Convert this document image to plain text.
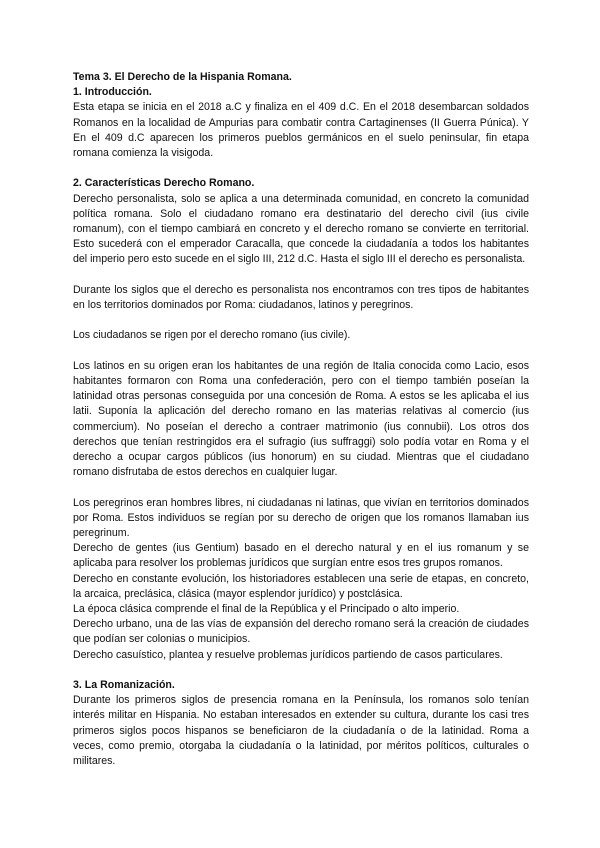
Tema 3. El Derecho de la Hispania Romana.

1. Introducción.

Esta etapa se inicia en el 2018 a.C y finaliza en el 409 d.C. En el 2018 desembarcan soldados Romanos en la localidad de Ampurias para combatir contra Cartaginenses (II Guerra Púnica). Y En el 409 d.C aparecen los primeros pueblos germánicos en el suelo peninsular, fin etapa romana comienza la visigoda.

2. Características Derecho Romano.

Derecho personalista, solo se aplica a una determinada comunidad, en concreto la comunidad política romana. Solo el ciudadano romano era destinatario del derecho civil (ius civile romanum), con el tiempo cambiará en concreto y el derecho romano se convierte en territorial. Esto sucederá con el emperador Caracalla, que concede la ciudadanía a todos los habitantes del imperio pero esto sucede en el siglo III, 212 d.C. Hasta el siglo III el derecho es personalista.

Durante los siglos que el derecho es personalista nos encontramos con tres tipos de habitantes en los territorios dominados por Roma: ciudadanos, latinos y peregrinos.

Los ciudadanos se rigen por el derecho romano (ius civile).

Los latinos en su origen eran los habitantes de una región de Italia conocida como Lacio, esos habitantes formaron con Roma una confederación, pero con el tiempo también poseían la latinidad otras personas conseguida por una concesión de Roma. A estos se les aplicaba el ius latii. Suponía la aplicación del derecho romano en las materias relativas al comercio (ius commercium). No poseían el derecho a contraer matrimonio (ius connubii). Los otros dos derechos que tenían restringidos era el sufragio (ius suffraggi) solo podía votar en Roma y el derecho a ocupar cargos públicos (ius honorum) en su ciudad. Mientras que el ciudadano romano disfrutaba de estos derechos en cualquier lugar.

Los peregrinos eran hombres libres, ni ciudadanas ni latinas, que vivían en territorios dominados por Roma. Estos individuos se regían por su derecho de origen que los romanos llamaban ius peregrinum.

Derecho de gentes (ius Gentium) basado en el derecho natural y en el ius romanum y se aplicaba para resolver los problemas jurídicos que surgían entre esos tres grupos romanos.

Derecho en constante evolución, los historiadores establecen una serie de etapas, en concreto, la arcaica, preclásica, clásica (mayor esplendor jurídico) y postclásica.

La época clásica comprende el final de la República y el Principado o alto imperio.

Derecho urbano, una de las vías de expansión del derecho romano será la creación de ciudades que podían ser colonias o municipios.

Derecho casuístico, plantea y resuelve problemas jurídicos partiendo de casos particulares.

3. La Romanización.

Durante los primeros siglos de presencia romana en la Península, los romanos solo tenían interés militar en Hispania. No estaban interesados en extender su cultura, durante los casi tres primeros siglos pocos hispanos se beneficiaron de la ciudadanía o de la latinidad. Roma a veces, como premio, otorgaba la ciudadanía o la latinidad, por méritos políticos, culturales o militares.
